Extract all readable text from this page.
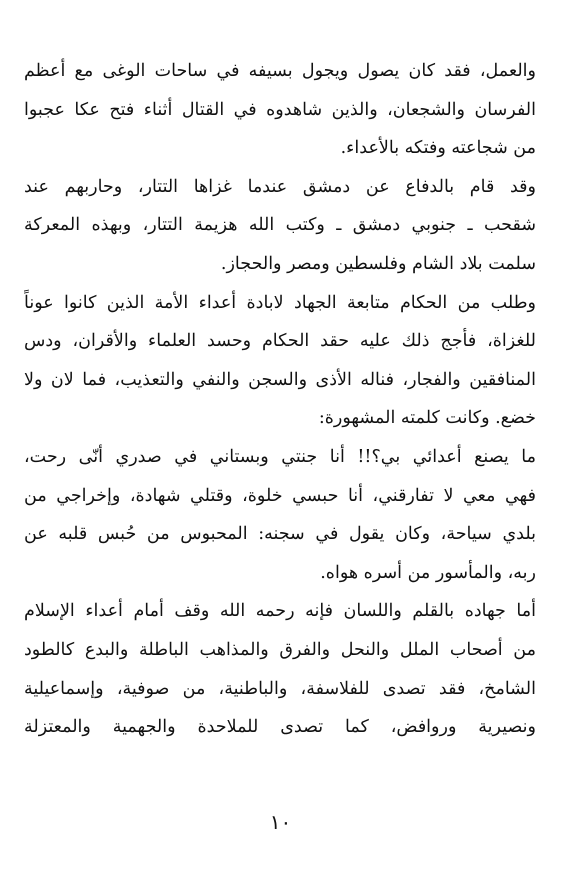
والعمل، فقد كان يصول ويجول بسيفه في ساحات الوغى مع أعظم
الفرسان والشجعان، والذين شاهدوه في القتال أثناء فتح عكا عجبوا
من شجاعته وفتكه بالأعداء.
وقد قام بالدفاع عن دمشق عندما غزاها التتار، وحاربهم عند
شقحب ـ جنوبي دمشق ـ وكتب الله هزيمة التتار، وبهذه المعركة
سلمت بلاد الشام وفلسطين ومصر والحجاز.
وطلب من الحكام متابعة الجهاد لابادة أعداء الأمة الذين كانوا عوناً
للغزاة، فأجج ذلك عليه حقد الحكام وحسد العلماء والأقران، ودس
المنافقين والفجار، فناله الأذى والسجن والنفي والتعذيب، فما لان ولا
خضع. وكانت كلمته المشهورة:
ما يصنع أعدائي بي؟!! أنا جنتي وبستاني في صدري أنّى رحت،
فهي معي لا تفارقني، أنا حبسي خلوة، وقتلي شهادة، وإخراجي من
بلدي سياحة، وكان يقول في سجنه: المحبوس من حُبس قلبه عن
ربه، والمأسور من أسره هواه.
أما جهاده بالقلم واللسان فإنه رحمه الله وقف أمام أعداء الإسلام
من أصحاب الملل والنحل والفرق والمذاهب الباطلة والبدع كالطود
الشامخ، فقد تصدى للفلاسفة، والباطنية، من صوفية، وإسماعيلية
ونصيرية وروافض، كما تصدى للملاحدة والجهمية والمعتزلة
١٠
